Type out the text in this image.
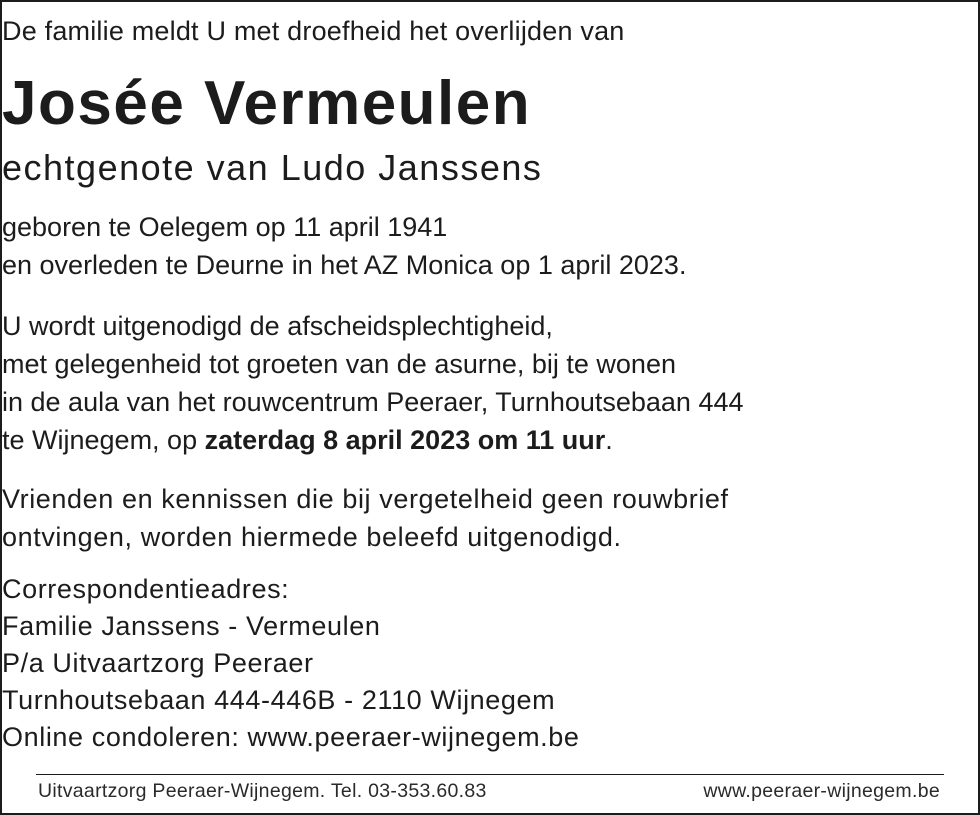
De familie meldt U met droefheid het overlijden van
Josée Vermeulen
echtgenote van Ludo Janssens
geboren te Oelegem op 11 april 1941
en overleden te Deurne in het AZ Monica op 1 april 2023.
U wordt uitgenodigd de afscheidsplechtigheid,
met gelegenheid tot groeten van de asurne, bij te wonen
in de aula van het rouwcentrum Peeraer, Turnhoutsebaan 444
te Wijnegem, op zaterdag 8 april 2023 om 11 uur.
Vrienden en kennissen die bij vergetelheid geen rouwbrief
ontvingen, worden hiermede beleefd uitgenodigd.
Correspondentieadres:
Familie Janssens - Vermeulen
P/a Uitvaartzorg Peeraer
Turnhoutsebaan 444-446B - 2110 Wijnegem
Online condoleren: www.peeraer-wijnegem.be
Uitvaartzorg Peeraer-Wijnegem. Tel. 03-353.60.83	www.peeraer-wijnegem.be
